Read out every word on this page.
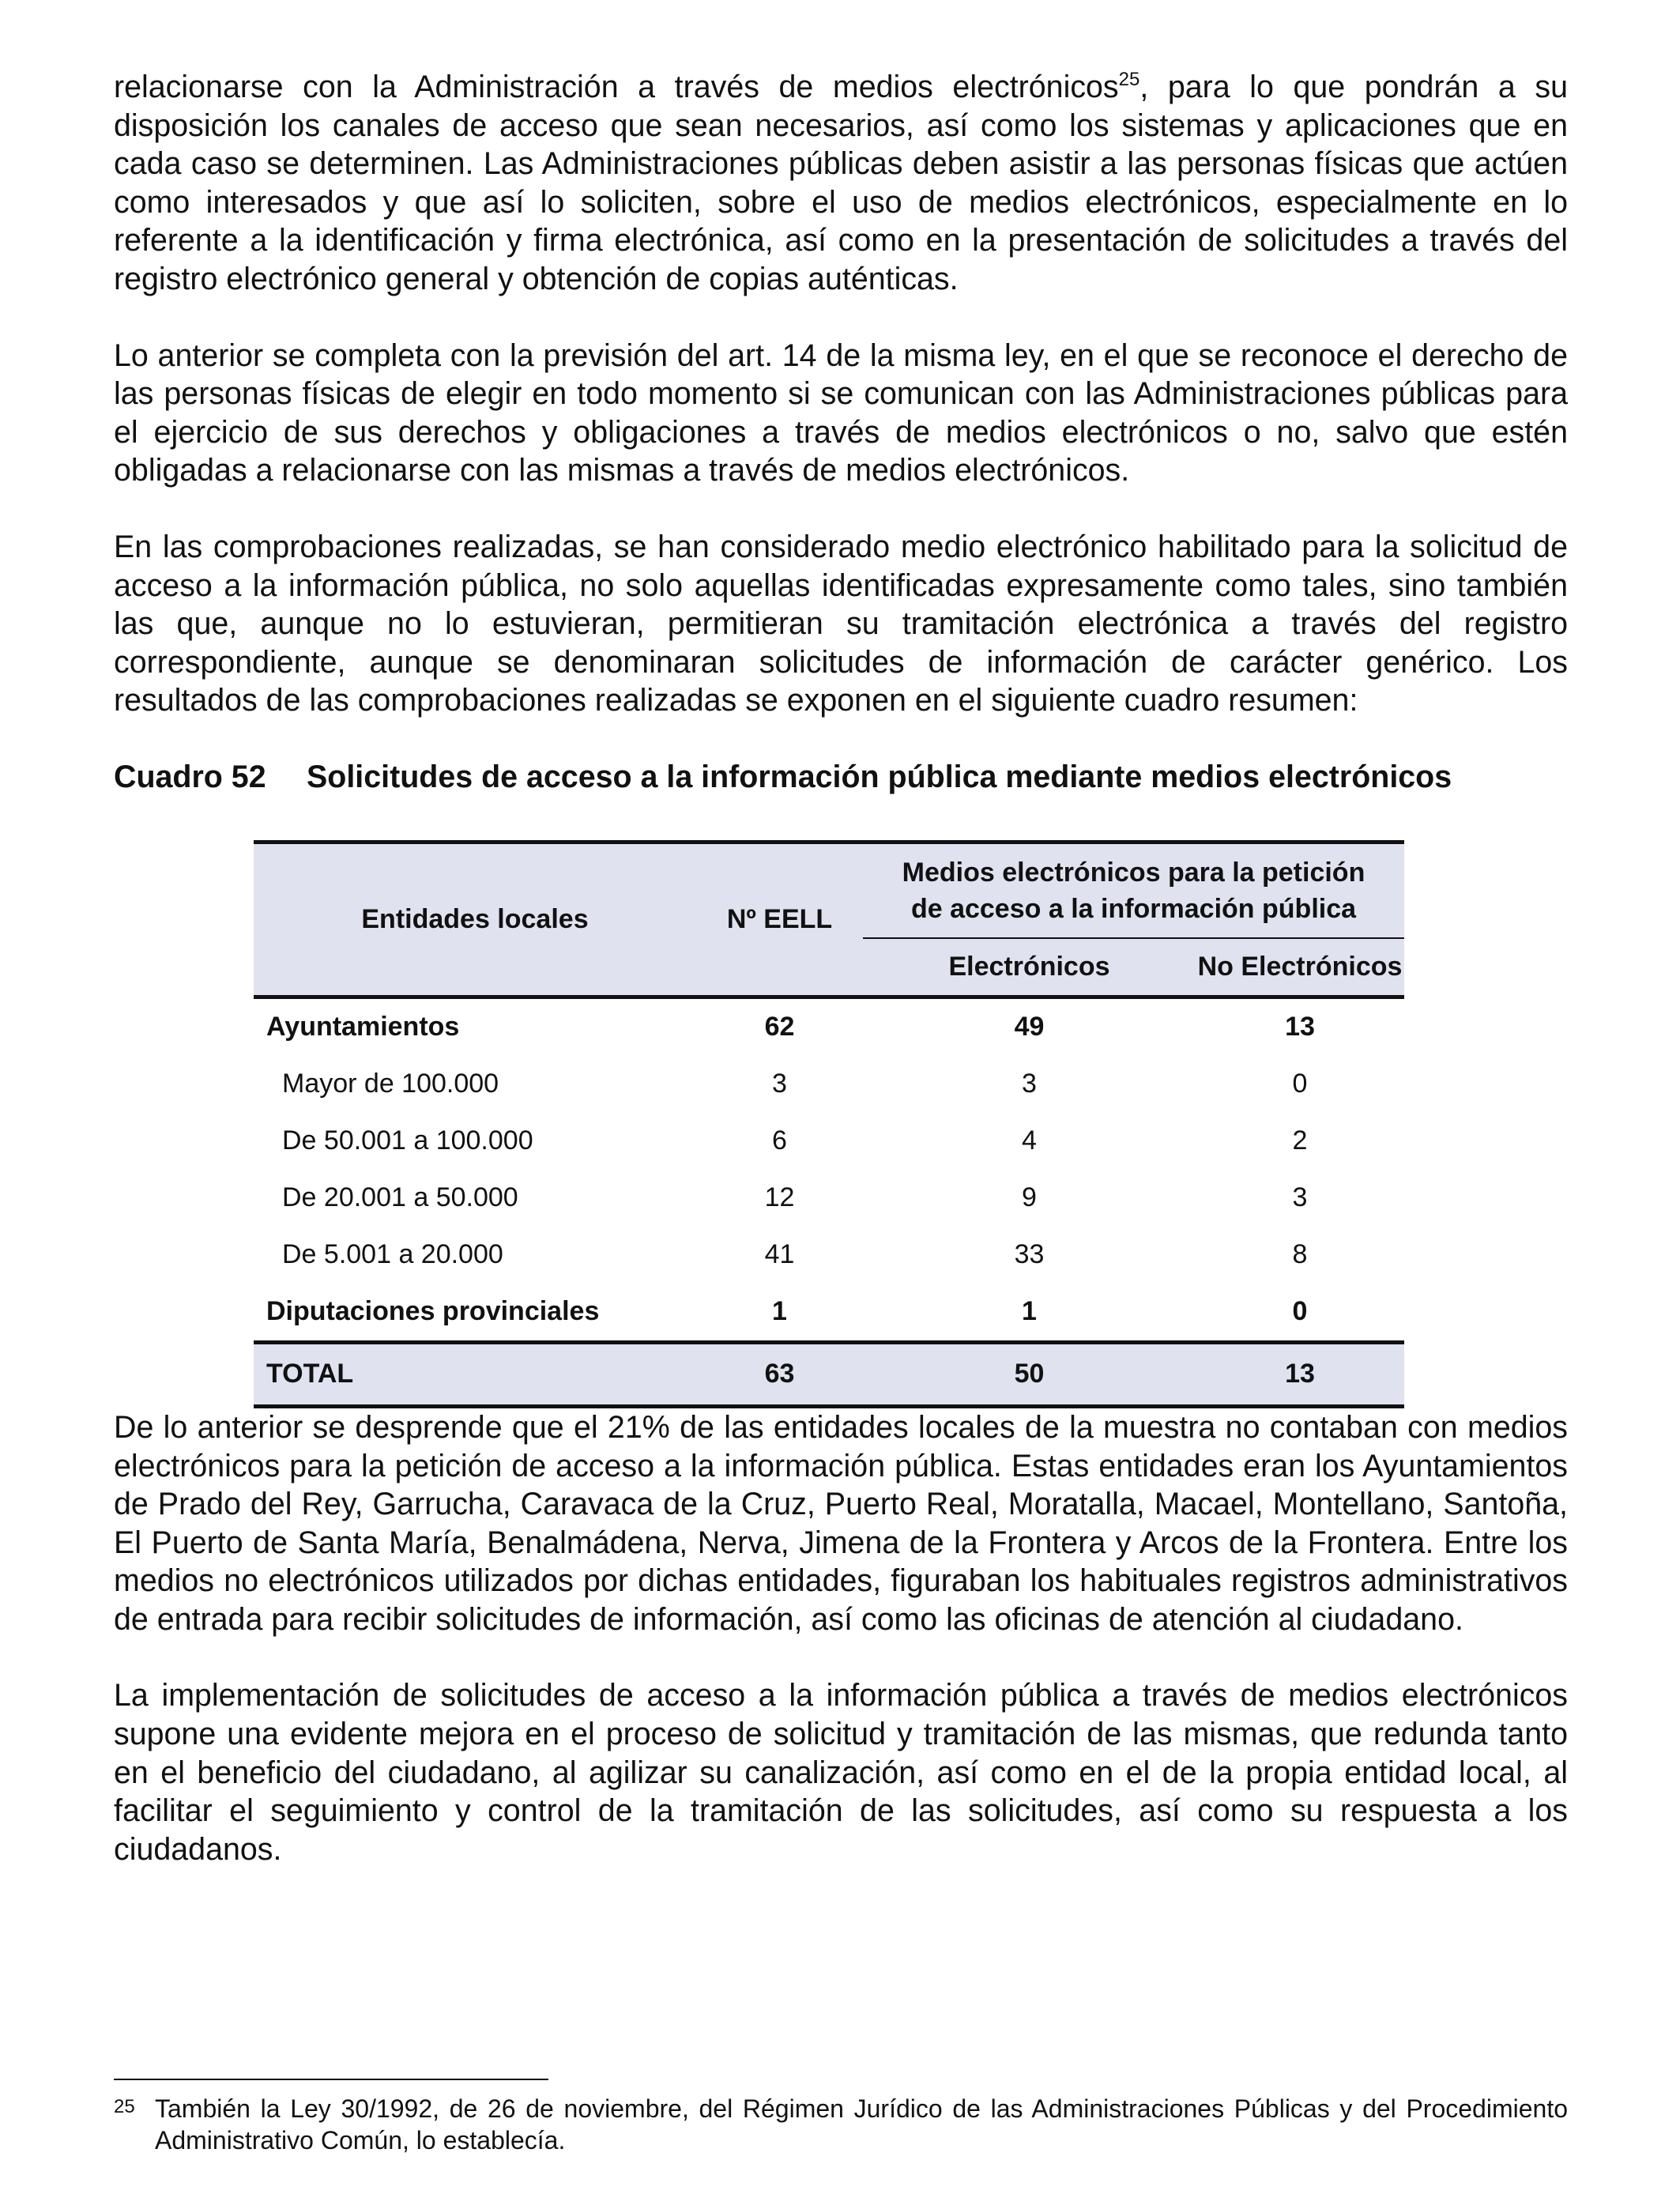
relacionarse con la Administración a través de medios electrónicos$^{25}$, para lo que pondrán a su disposición los canales de acceso que sean necesarios, así como los sistemas y aplicaciones que en cada caso se determinen. Las Administraciones públicas deben asistir a las personas físicas que actúen como interesados y que así lo soliciten, sobre el uso de medios electrónicos, especialmente en lo referente a la identificación y firma electrónica, así como en la presentación de solicitudes a través del registro electrónico general y obtención de copias auténticas.

Lo anterior se completa con la previsión del art. 14 de la misma ley, en el que se reconoce el derecho de las personas físicas de elegir en todo momento si se comunican con las Administraciones públicas para el ejercicio de sus derechos y obligaciones a través de medios electrónicos o no, salvo que estén obligadas a relacionarse con las mismas a través de medios electrónicos.

En las comprobaciones realizadas, se han considerado medio electrónico habilitado para la solicitud de acceso a la información pública, no solo aquellas identificadas expresamente como tales, sino también las que, aunque no lo estuvieran, permitieran su tramitación electrónica a través del registro correspondiente, aunque se denominaran solicitudes de información de carácter genérico. Los resultados de las comprobaciones realizadas se exponen en el siguiente cuadro resumen:

Cuadro 52 Solicitudes de acceso a la información pública mediante medios electrónicos
Entidades locales	Nº EELL	Medios electrónicos para la petición
de acceso a la información pública	

		Electrónicos	No Electrónicos
Ayuntamientos	62	49	13
Mayor de 100.000	3	3	0
De 50.001 a 100.000	6	4	2
De 20.001 a 50.000	12	9	3
De 5.001 a 20.000	41	33	8
Diputaciones provinciales	1	1	0
TOTAL	63	50	13

De lo anterior se desprende que el 21% de las entidades locales de la muestra no contaban con medios electrónicos para la petición de acceso a la información pública. Estas entidades eran los Ayuntamientos de Prado del Rey, Garrucha, Caravaca de la Cruz, Puerto Real, Moratalla, Macael, Montellano, Santoña, El Puerto de Santa María, Benalmádena, Nerva, Jimena de la Frontera y Arcos de la Frontera. Entre los medios no electrónicos utilizados por dichas entidades, figuraban los habituales registros administrativos de entrada para recibir solicitudes de información, así como las oficinas de atención al ciudadano.

La implementación de solicitudes de acceso a la información pública a través de medios electrónicos supone una evidente mejora en el proceso de solicitud y tramitación de las mismas, que redunda tanto en el beneficio del ciudadano, al agilizar su canalización, así como en el de la propia entidad local, al facilitar el seguimiento y control de la tramitación de las solicitudes, así como su respuesta a los ciudadanos.

25 También la Ley 30/1992, de 26 de noviembre, del Régimen Jurídico de las Administraciones Públicas y del Procedimiento Administrativo Común, lo establecía.
